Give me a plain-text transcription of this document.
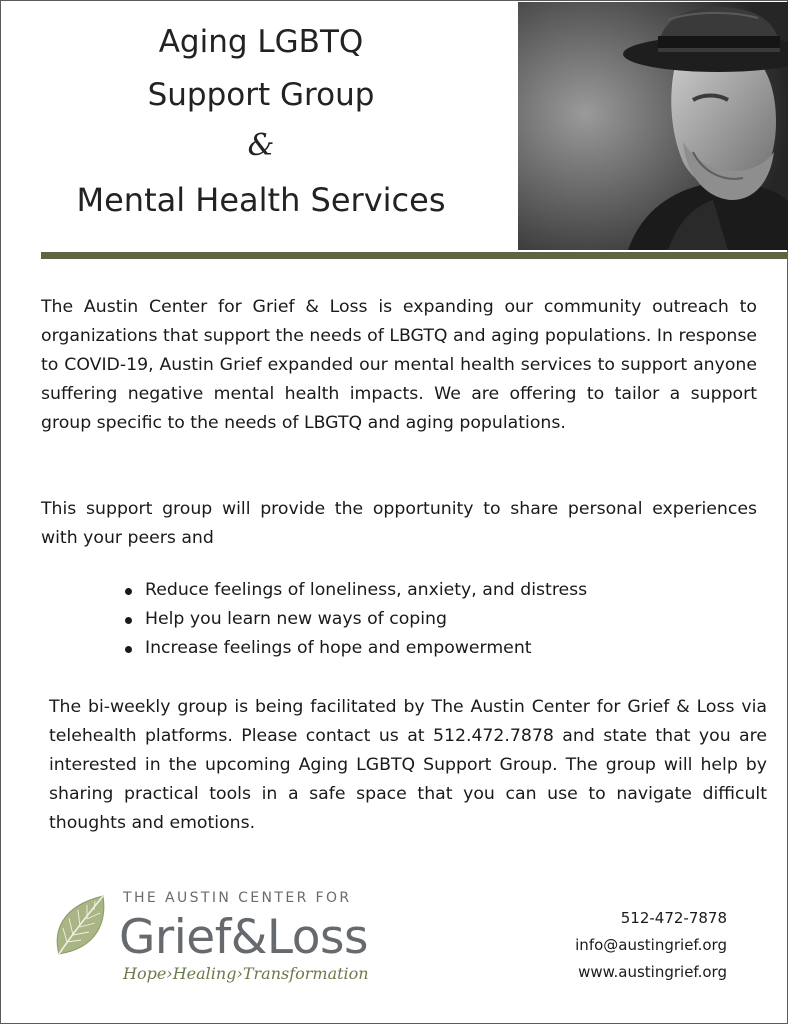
Aging LGBTQ

Support Group

&

Mental Health Services

The Austin Center for Grief & Loss is expanding our community outreach to organizations that support the needs of LBGTQ and aging populations. In response to COVID-19, Austin Grief expanded our mental health services to support anyone suffering negative mental health impacts. We are offering to tailor a support group specific to the needs of LBGTQ and aging populations.

This support group will provide the opportunity to share personal experiences with your peers and

Reduce feelings of loneliness, anxiety, and distress
Help you learn new ways of coping
Increase feelings of hope and empowerment

The bi-weekly group is being facilitated by The Austin Center for Grief & Loss via telehealth platforms. Please contact us at 512.472.7878 and state that you are interested in the upcoming Aging LGBTQ Support Group. The group will help by sharing practical tools in a safe space that you can use to navigate difficult thoughts and emotions.

THE AUSTIN CENTER FOR
Grief&Loss
Hope›Healing›Transformation
512-472-7878
info@austingrief.org
www.austingrief.org
